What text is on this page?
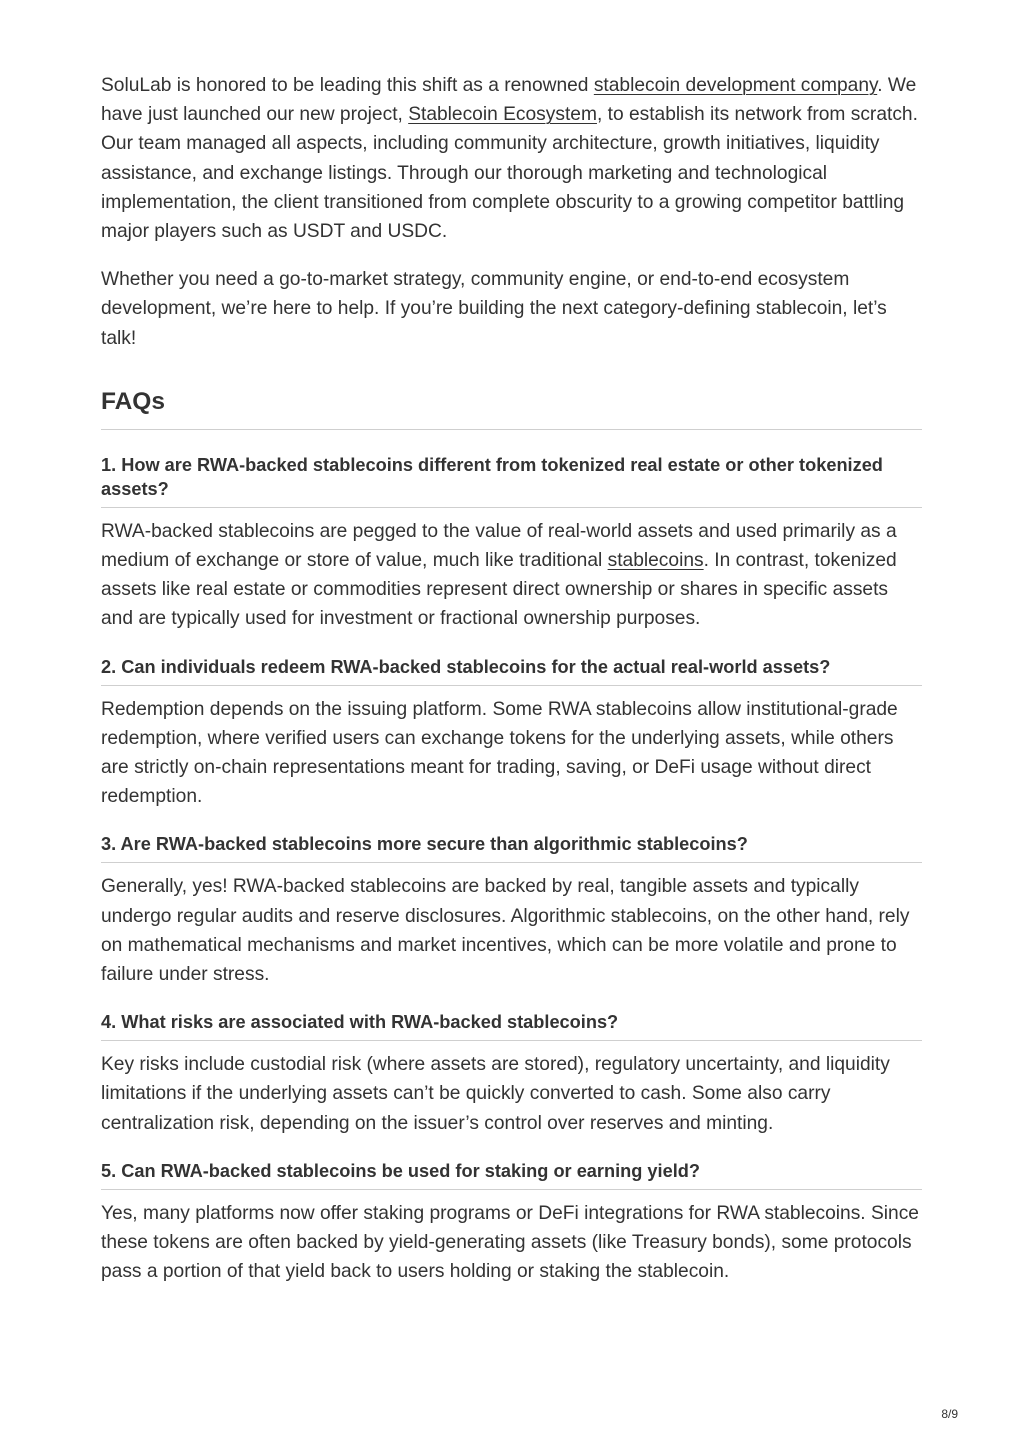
SoluLab is honored to be leading this shift as a renowned stablecoin development company. We have just launched our new project, Stablecoin Ecosystem, to establish its network from scratch. Our team managed all aspects, including community architecture, growth initiatives, liquidity assistance, and exchange listings. Through our thorough marketing and technological implementation, the client transitioned from complete obscurity to a growing competitor battling major players such as USDT and USDC.

Whether you need a go-to-market strategy, community engine, or end-to-end ecosystem development, we’re here to help. If you’re building the next category-defining stablecoin, let’s talk!

FAQs
1. How are RWA-backed stablecoins different from tokenized real estate or other tokenized assets?

RWA-backed stablecoins are pegged to the value of real-world assets and used primarily as a medium of exchange or store of value, much like traditional stablecoins. In contrast, tokenized assets like real estate or commodities represent direct ownership or shares in specific assets and are typically used for investment or fractional ownership purposes.

2. Can individuals redeem RWA-backed stablecoins for the actual real-world assets?

Redemption depends on the issuing platform. Some RWA stablecoins allow institutional-grade redemption, where verified users can exchange tokens for the underlying assets, while others are strictly on-chain representations meant for trading, saving, or DeFi usage without direct redemption.

3. Are RWA-backed stablecoins more secure than algorithmic stablecoins?

Generally, yes! RWA-backed stablecoins are backed by real, tangible assets and typically undergo regular audits and reserve disclosures. Algorithmic stablecoins, on the other hand, rely on mathematical mechanisms and market incentives, which can be more volatile and prone to failure under stress.

4. What risks are associated with RWA-backed stablecoins?

Key risks include custodial risk (where assets are stored), regulatory uncertainty, and liquidity limitations if the underlying assets can’t be quickly converted to cash. Some also carry centralization risk, depending on the issuer’s control over reserves and minting.

5. Can RWA-backed stablecoins be used for staking or earning yield?

Yes, many platforms now offer staking programs or DeFi integrations for RWA stablecoins. Since these tokens are often backed by yield-generating assets (like Treasury bonds), some protocols pass a portion of that yield back to users holding or staking the stablecoin.

8/9
